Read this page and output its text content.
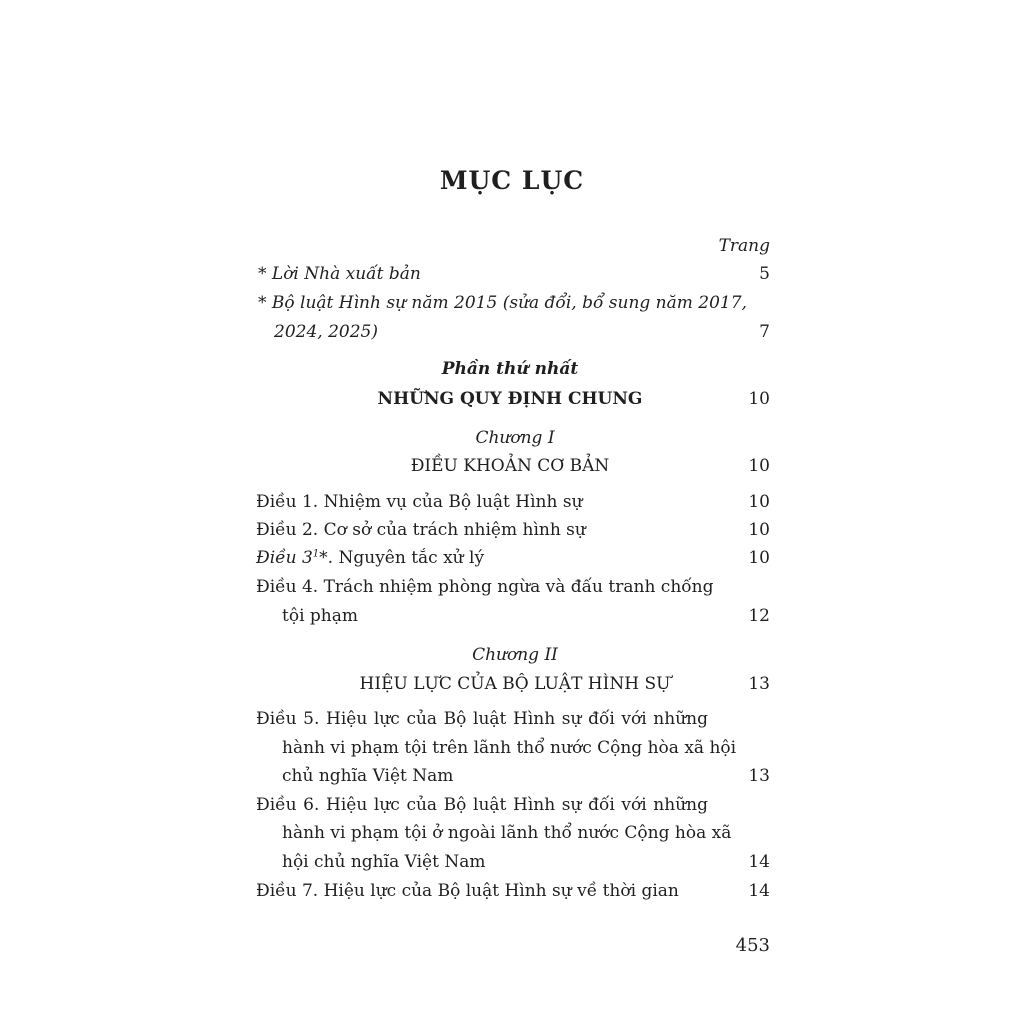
MỤC LỤC
Trang
* Lời Nhà xuất bản	5
* Bộ luật Hình sự năm 2015 (sửa đổi, bổ sung năm 2017,
2024, 2025)	7
Phần thứ nhất
NHỮNG QUY ĐỊNH CHUNG	10
Chương I
ĐIỀU KHOẢN CƠ BẢN	10
Điều 1. Nhiệm vụ của Bộ luật Hình sự	10
Điều 2. Cơ sở của trách nhiệm hình sự	10
Điều $3^1*$. Nguyên tắc xử lý	10
Điều 4. Trách nhiệm phòng ngừa và đấu tranh chống
tội phạm	12
Chương II
HIỆU LỰC CỦA BỘ LUẬT HÌNH SỰ	13
Điều 5. Hiệu lực của Bộ luật Hình sự đối với những
hành vi phạm tội trên lãnh thổ nước Cộng hòa xã hội
chủ nghĩa Việt Nam	13
Điều 6. Hiệu lực của Bộ luật Hình sự đối với những
hành vi phạm tội ở ngoài lãnh thổ nước Cộng hòa xã
hội chủ nghĩa Việt Nam	14
Điều 7. Hiệu lực của Bộ luật Hình sự về thời gian	14
453
